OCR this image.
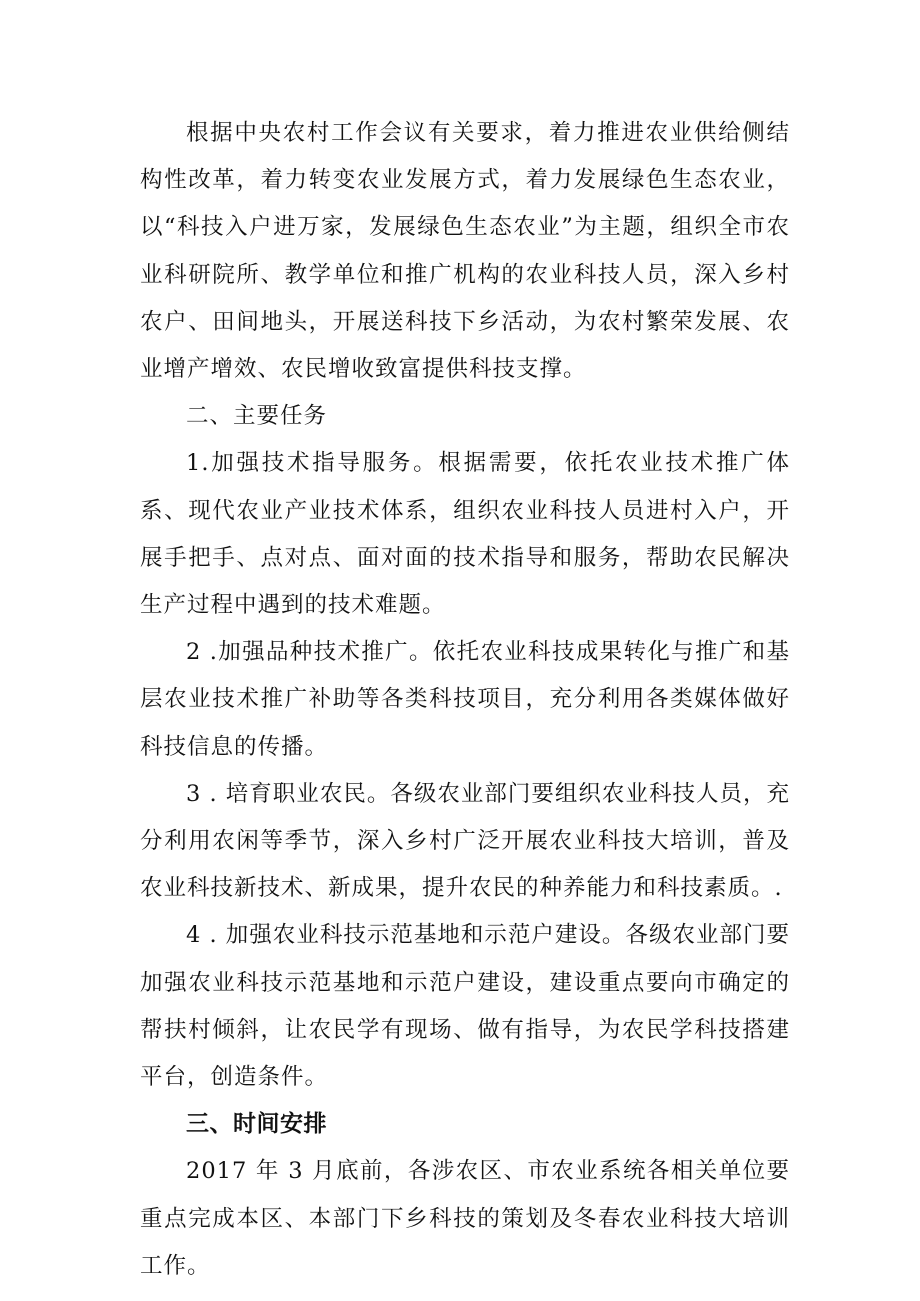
根据中央农村工作会议有关要求，着力推进农业供给侧结构性改革，着力转变农业发展方式，着力发展绿色生态农业，以“科技入户进万家，发展绿色生态农业”为主题，组织全市农业科研院所、教学单位和推广机构的农业科技人员，深入乡村农户、田间地头，开展送科技下乡活动，为农村繁荣发展、农业增产增效、农民增收致富提供科技支撑。

二、主要任务

1.加强技术指导服务。根据需要，依托农业技术推广体系、现代农业产业技术体系，组织农业科技人员进村入户，开展手把手、点对点、面对面的技术指导和服务，帮助农民解决生产过程中遇到的技术难题。

2 .加强品种技术推广。依托农业科技成果转化与推广和基层农业技术推广补助等各类科技项目，充分利用各类媒体做好科技信息的传播。

3 . 培育职业农民。各级农业部门要组织农业科技人员，充分利用农闲等季节，深入乡村广泛开展农业科技大培训，普及农业科技新技术、新成果，提升农民的种养能力和科技素质。.

4 . 加强农业科技示范基地和示范户建设。各级农业部门要加强农业科技示范基地和示范户建设，建设重点要向市确定的帮扶村倾斜，让农民学有现场、做有指导，为农民学科技搭建平台，创造条件。

三、时间安排

2017 年 3 月底前，各涉农区、市农业系统各相关单位要重点完成本区、本部门下乡科技的策划及冬春农业科技大培训工作。
